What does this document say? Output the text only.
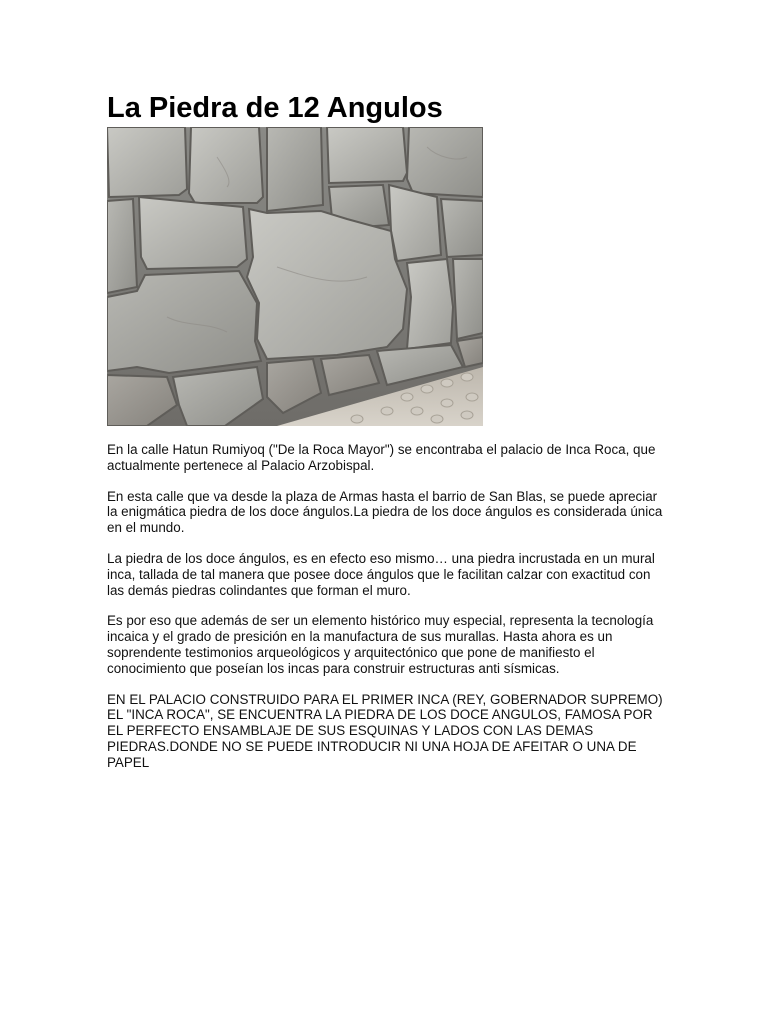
La Piedra de 12 Angulos

En la calle Hatun Rumiyoq ("De la Roca Mayor") se encontraba el palacio de Inca Roca, que actualmente pertenece al Palacio Arzobispal.

En esta calle que va desde la plaza de Armas hasta el barrio de San Blas, se puede apreciar la enigmática piedra de los doce ángulos.La piedra de los doce ángulos es considerada única en el mundo.

La piedra de los doce ángulos, es en efecto eso mismo… una piedra incrustada en un mural inca, tallada de tal manera que posee doce ángulos que le facilitan calzar con exactitud con las demás piedras colindantes que forman el muro.

Es por eso que además de ser un elemento histórico muy especial, representa la tecnología incaica y el grado de presición en la manufactura de sus murallas. Hasta ahora es un soprendente testimonios arqueológicos y arquitectónico que pone de manifiesto el conocimiento que poseían los incas para construir estructuras anti sísmicas.

EN EL PALACIO CONSTRUIDO PARA EL PRIMER INCA (REY, GOBERNADOR SUPREMO) EL "INCA ROCA", SE ENCUENTRA LA PIEDRA DE LOS DOCE ANGULOS, FAMOSA POR EL PERFECTO ENSAMBLAJE DE SUS ESQUINAS Y LADOS CON LAS DEMAS PIEDRAS.DONDE NO SE PUEDE INTRODUCIR NI UNA HOJA DE AFEITAR O UNA DE PAPEL
